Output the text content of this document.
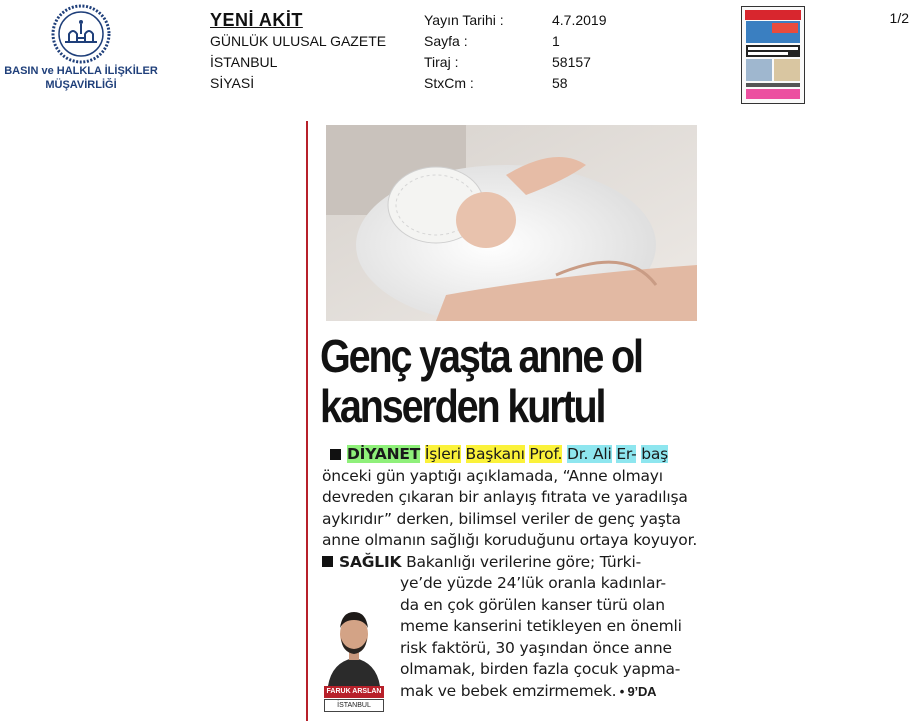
BASIN ve HALKLA İLİŞKİLER
MÜŞAVİRLİĞİ
YENİ AKİT
GÜNLÜK ULUSAL GAZETE
İSTANBUL
SİYASİ
Yayın Tarihi :
Sayfa :
Tiraj :
StxCm :
4.7.2019
1
58157
58
1/2
Genç yaşta anne ol
kanserden kurtul

DİYANET İşleri Başkanı Prof. Dr. Ali Er- baş önceki gün yaptığı açıklamada, “Anne olmayı devreden çıkaran bir anlayış fıtrata ve yaradılışa aykırıdır” derken, bilimsel veriler de genç yaşta anne olmanın sağlığı koruduğunu ortaya koyuyor.

SAĞLIK Bakanlığı verilerine göre; Türki-

ye’de yüzde 24’lük oranla kadınlar-
da en çok görülen kanser türü olan
meme kanserini tetikleyen en önemli
risk faktörü, 30 yaşından önce anne
olmamak, birden fazla çocuk yapma-
mak ve bebek emzirmemek. • 9’DA
FARUK ARSLAN
İSTANBUL
